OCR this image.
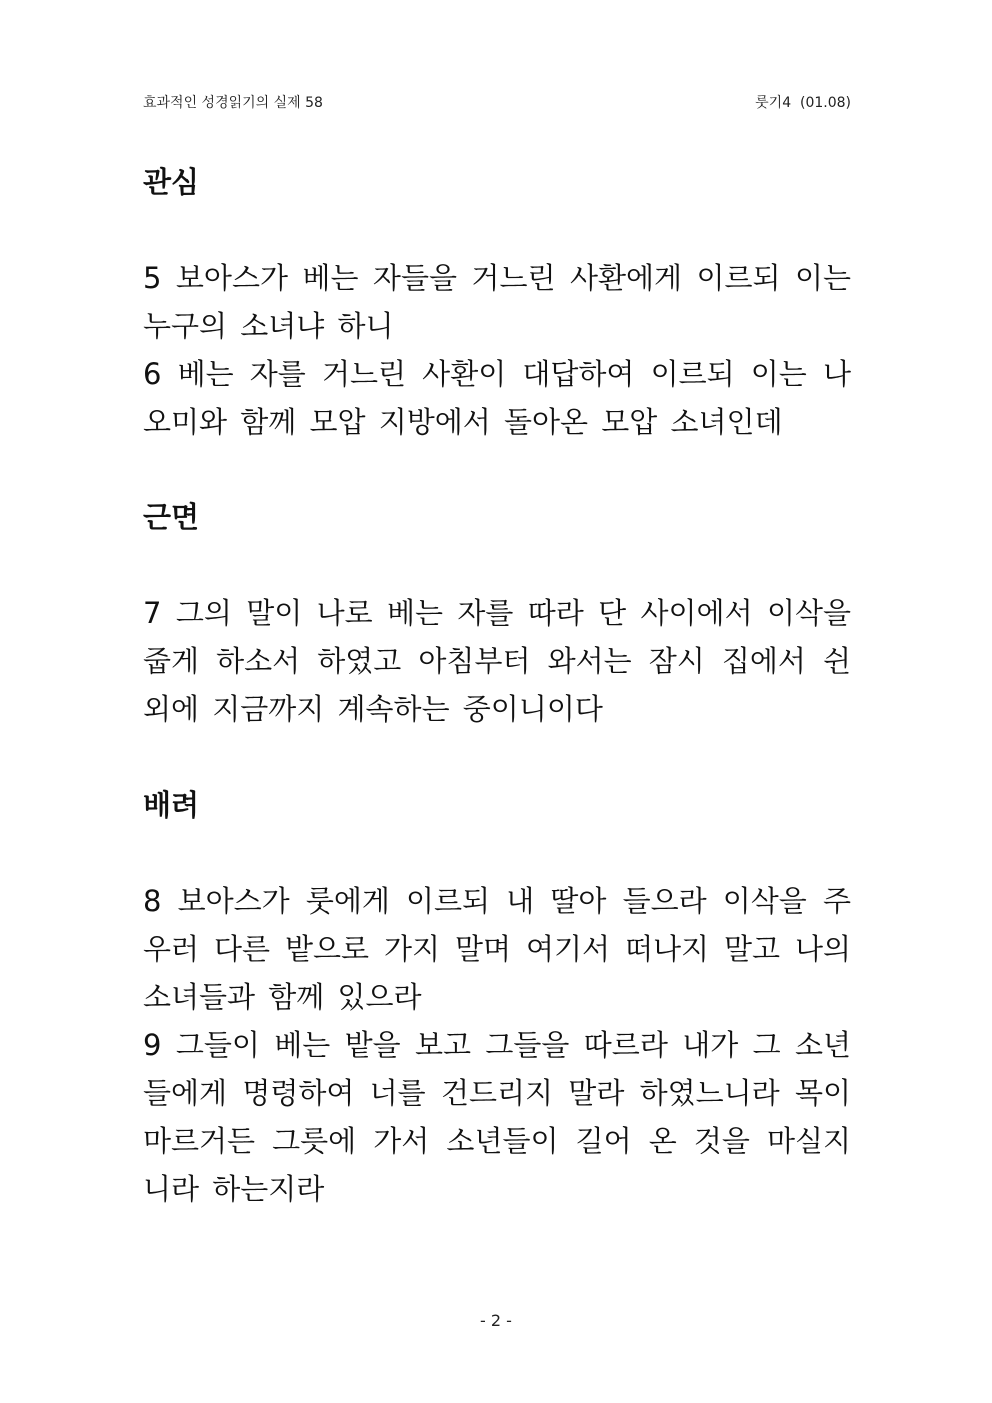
효과적인 성경읽기의 실제 58	룻기4  (01.08)
관심
5 보아스가 베는 자들을 거느린 사환에게 이르되 이는 누구의 소녀냐 하니
6 베는 자를 거느린 사환이 대답하여 이르되 이는 나오미와 함께 모압 지방에서 돌아온 모압 소녀인데
근면
7 그의 말이 나로 베는 자를 따라 단 사이에서 이삭을 줍게 하소서 하였고 아침부터 와서는 잠시 집에서 쉰 외에 지금까지 계속하는 중이니이다
배려
8 보아스가 룻에게 이르되 내 딸아 들으라 이삭을 주우러 다른 밭으로 가지 말며 여기서 떠나지 말고 나의 소녀들과 함께 있으라
9 그들이 베는 밭을 보고 그들을 따르라 내가 그 소년들에게 명령하여 너를 건드리지 말라 하였느니라 목이 마르거든 그릇에 가서 소년들이 길어 온 것을 마실지니라 하는지라
- 2 -
